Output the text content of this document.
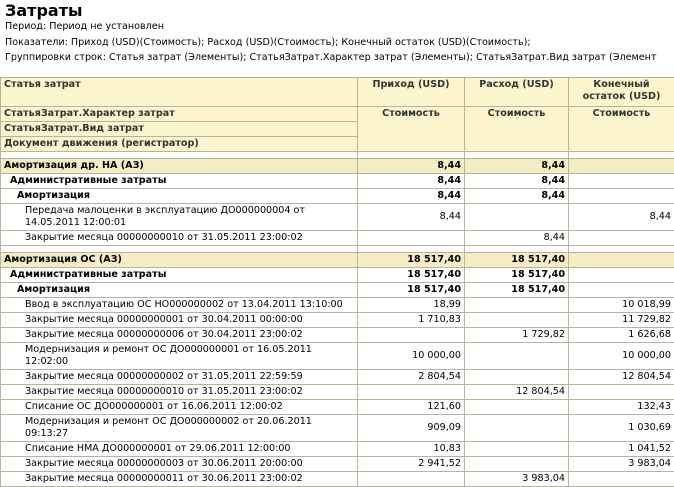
Затраты
Период: Период не установлен
Показатели: Приход (USD)(Стоимость); Расход (USD)(Стоимость); Конечный остаток (USD)(Стоимость);
Группировки строк: Статья затрат (Элементы); СтатьяЗатрат.Характер затрат (Элементы); СтатьяЗатрат.Вид затрат (Элемент
Статья затрат	Приход (USD)	Расход (USD)	Конечный остаток (USD)
СтатьяЗатрат.Характер затрат	Стоимость	Стоимость	Стоимость
СтатьяЗатрат.Вид затрат			
Документ движения (регистратор)			

Амортизация др. НА (АЗ)	8,44	8,44	
Административные затраты	8,44	8,44	
Амортизация	8,44	8,44	
Передача малоценки в эксплуатацию ДО000000004 от 14.05.2011 12:00:01	8,44		8,44
Закрытие месяца 00000000010 от 31.05.2011 23:00:02		8,44	

Амортизация ОС (АЗ)	18 517,40	18 517,40	
Административные затраты	18 517,40	18 517,40	
Амортизация	18 517,40	18 517,40	
Ввод в эксплуатацию ОС НО000000002 от 13.04.2011 13:10:00	18,99		10 018,99
Закрытие месяца 00000000001 от 30.04.2011 00:00:00	1 710,83		11 729,82
Закрытие месяца 00000000006 от 30.04.2011 23:00:02		1 729,82	1 626,68
Модернизация и ремонт ОС ДО000000001 от 16.05.2011 12:02:00	10 000,00		10 000,00
Закрытие месяца 00000000002 от 31.05.2011 22:59:59	2 804,54		12 804,54
Закрытие месяца 00000000010 от 31.05.2011 23:00:02		12 804,54	
Списание ОС ДО000000001 от 16.06.2011 12:00:02	121,60		132,43
Модернизация и ремонт ОС ДО000000002 от 20.06.2011 09:13:27	909,09		1 030,69
Списание НМА ДО000000001 от 29.06.2011 12:00:00	10,83		1 041,52
Закрытие месяца 00000000003 от 30.06.2011 20:00:00	2 941,52		3 983,04
Закрытие месяца 00000000011 от 30.06.2011 23:00:02		3 983,04	
